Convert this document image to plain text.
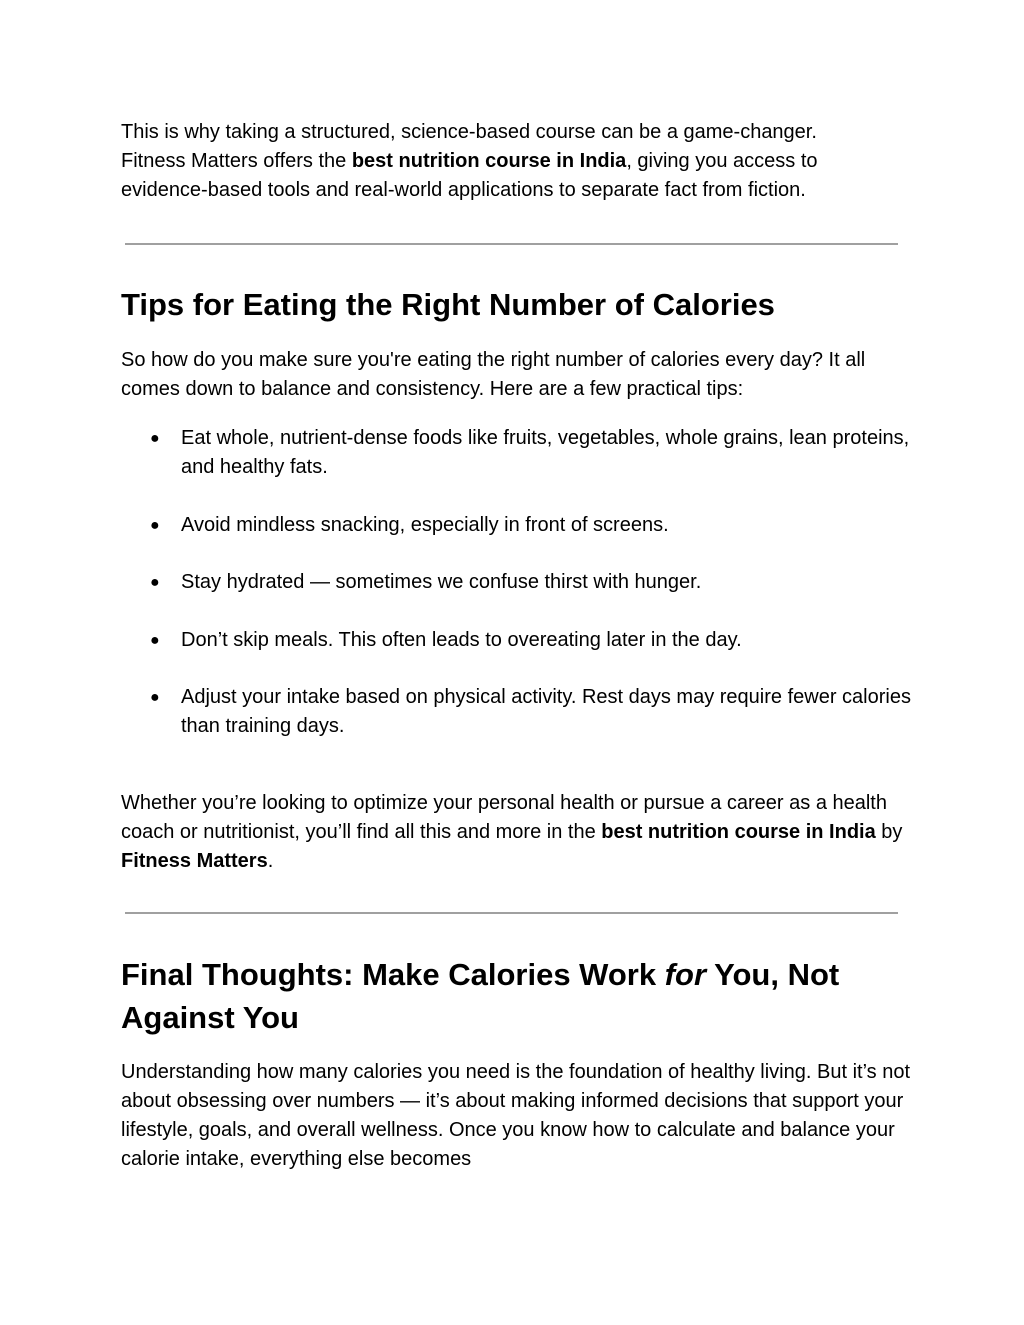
This is why taking a structured, science-based course can be a game-changer.
Fitness Matters offers the best nutrition course in India, giving you access to
evidence-based tools and real-world applications to separate fact from fiction.

Tips for Eating the Right Number of Calories

So how do you make sure you're eating the right number of calories every day? It all comes down to balance and consistency. Here are a few practical tips:

● Eat whole, nutrient-dense foods like fruits, vegetables, whole grains, lean proteins, and healthy fats.
● Avoid mindless snacking, especially in front of screens.
● Stay hydrated — sometimes we confuse thirst with hunger.
● Don’t skip meals. This often leads to overeating later in the day.
● Adjust your intake based on physical activity. Rest days may require fewer calories than training days.

Whether you’re looking to optimize your personal health or pursue a career as a health coach or nutritionist, you’ll find all this and more in the best nutrition course in India by Fitness Matters.

Final Thoughts: Make Calories Work for You, Not Against You

Understanding how many calories you need is the foundation of healthy living. But it’s not about obsessing over numbers — it’s about making informed decisions that support your lifestyle, goals, and overall wellness. Once you know how to calculate and balance your calorie intake, everything else becomes
